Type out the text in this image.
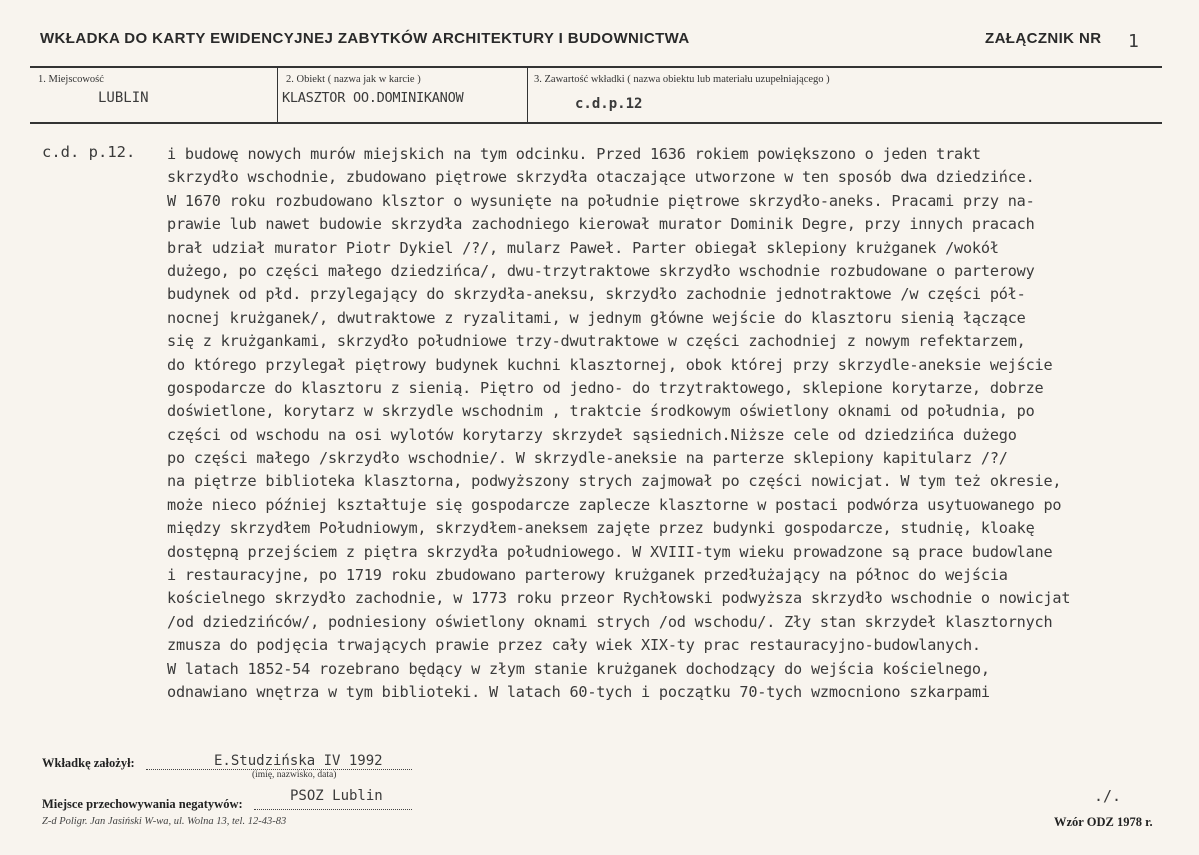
WKŁADKA DO KARTY EWIDENCYJNEJ ZABYTKÓW ARCHITEKTURY I BUDOWNICTWA	ZAŁĄCZNIK NR 1
1. Miejscowość
LUBLIN
2. Obiekt ( nazwa jak w karcie )
KLASZTOR OO.DOMINIKANOW
3. Zawartość wkładki ( nazwa obiektu lub materiału uzupełniającego )
c.d.p.12
c.d. p.12. i budowę nowych murów miejskich na tym odcinku. Przed 1636 rokiem powiększono o jeden trakt
skrzydło wschodnie, zbudowano piętrowe skrzydła otaczające utworzone w ten sposób dwa dziedzińce.
W 1670 roku rozbudowano klsztor o wysunięte na południe piętrowe skrzydło-aneks. Pracami przy na-
prawie lub nawet budowie skrzydła zachodniego kierował murator Dominik Degre, przy innych pracach
brał udział murator Piotr Dykiel /?/, mularz Paweł. Parter obiegał sklepiony krużganek /wokół
dużego, po części małego dziedzińca/, dwu-trzytraktowe skrzydło wschodnie rozbudowane o parterowy
budynek od płd. przylegający do skrzydła-aneksu, skrzydło zachodnie jednotraktowe /w części pół-
nocnej krużganek/, dwutraktowe z ryzalitami, w jednym główne wejście do klasztoru sienią łączące
się z krużgankami, skrzydło południowe trzy-dwutraktowe w części zachodniej z nowym refektarzem,
do którego przylegał piętrowy budynek kuchni klasztornej, obok której przy skrzydle-aneksie wejście
gospodarcze do klasztoru z sienią. Piętro od jedno- do trzytraktowego, sklepione korytarze, dobrze
doświetlone, korytarz w skrzydle wschodnim , traktcie środkowym oświetlony oknami od południa, po
części od wschodu na osi wylotów korytarzy skrzydeł sąsiednich.Niższe cele od dziedzińca dużego
po części małego /skrzydło wschodnie/. W skrzydle-aneksie na parterze sklepiony kapitularz /?/
na piętrze biblioteka klasztorna, podwyższony strych zajmował po części nowicjat. W tym też okresie,
może nieco później kształtuje się gospodarcze zaplecze klasztorne w postaci podwórza usytuowanego po
między skrzydłem Południowym, skrzydłem-aneksem zajęte przez budynki gospodarcze, studnię, kloakę
dostępną przejściem z piętra skrzydła południowego. W XVIII-tym wieku prowadzone są prace budowlane
i restauracyjne, po 1719 roku zbudowano parterowy krużganek przedłużający na północ do wejścia
kościelnego skrzydło zachodnie, w 1773 roku przeor Rychłowski podwyższa skrzydło wschodnie o nowicjat
/od dziedzińców/, podniesiony oświetlony oknami strych /od wschodu/. Zły stan skrzydeł klasztornych
zmusza do podjęcia trwających prawie przez cały wiek XIX-ty prac restauracyjno-budowlanych.
W latach 1852-54 rozebrano będący w złym stanie krużganek dochodzący do wejścia kościelnego,
odnawiano wnętrza w tym biblioteki. W latach 60-tych i początku 70-tych wzmocniono szkarpami
Wkładkę założył:	E.Studzińska IV 1992
(imię, nazwisko, data)
Miejsce przechowywania negatywów:	PSOZ Lublin	./.
Z-d Poligr. Jan Jasiński W-wa, ul. Wolna 13, tel. 12-43-83	Wzór ODZ 1978 r.
